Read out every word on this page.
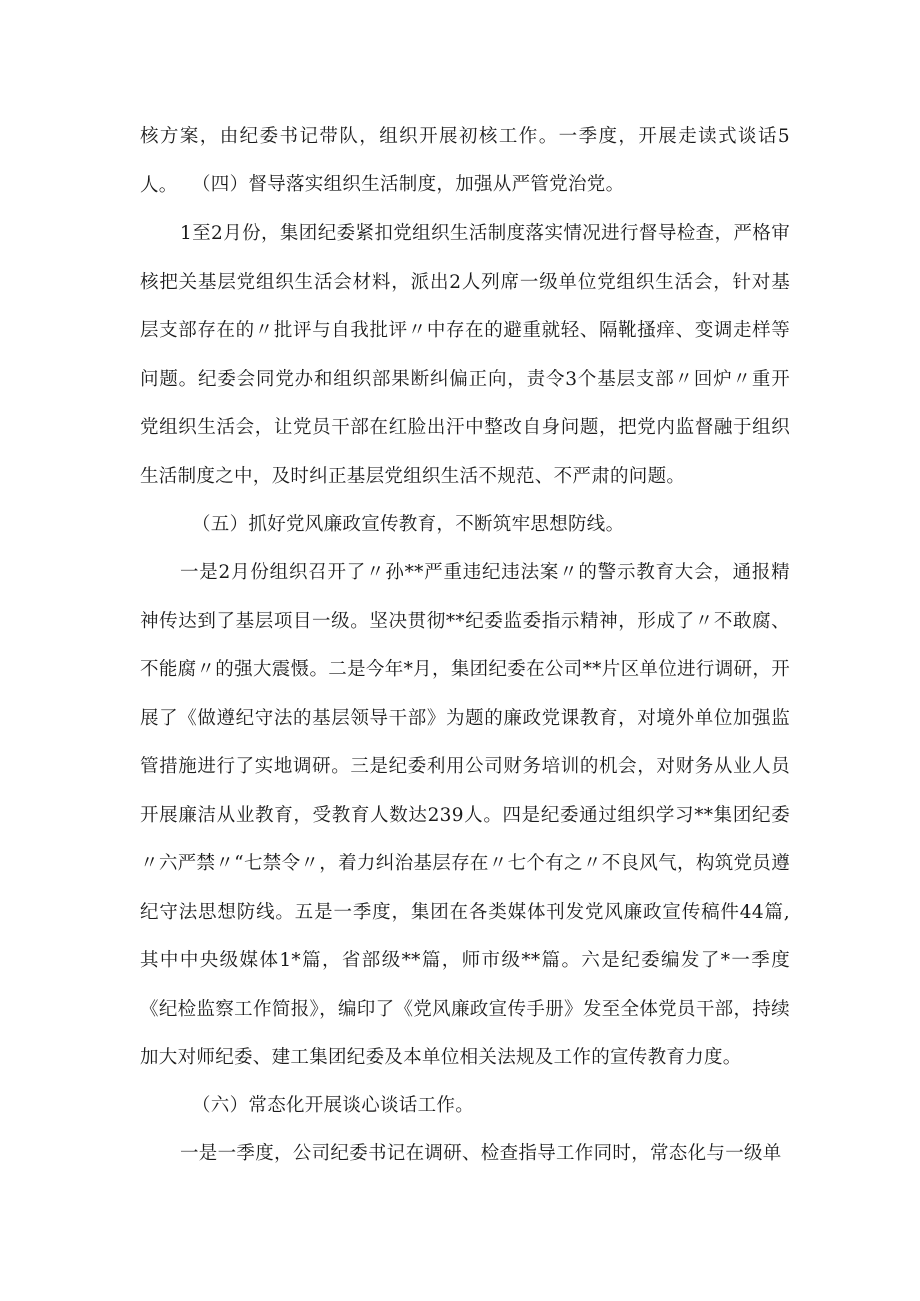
核方案，由纪委书记带队，组织开展初核工作。一季度，开展走读式谈话5人。 （四）督导落实组织生活制度，加强从严管党治党。

1至2月份，集团纪委紧扣党组织生活制度落实情况进行督导检查，严格审核把关基层党组织生活会材料，派出2人列席一级单位党组织生活会，针对基层支部存在的〃批评与自我批评〃中存在的避重就轻、隔靴搔痒、变调走样等问题。纪委会同党办和组织部果断纠偏正向，责令3个基层支部〃回炉〃重开党组织生活会，让党员干部在红脸出汗中整改自身问题，把党内监督融于组织生活制度之中，及时纠正基层党组织生活不规范、不严肃的问题。

（五）抓好党风廉政宣传教育，不断筑牢思想防线。

一是2月份组织召开了〃孙**严重违纪违法案〃的警示教育大会，通报精神传达到了基层项目一级。坚决贯彻**纪委监委指示精神，形成了〃不敢腐、不能腐〃的强大震慑。二是今年*月，集团纪委在公司**片区单位进行调研，开展了《做遵纪守法的基层领导干部》为题的廉政党课教育，对境外单位加强监管措施进行了实地调研。三是纪委利用公司财务培训的机会，对财务从业人员开展廉洁从业教育，受教育人数达239人。四是纪委通过组织学习**集团纪委〃六严禁〃“七禁令〃，着力纠治基层存在〃七个有之〃不良风气，构筑党员遵纪守法思想防线。五是一季度，集团在各类媒体刊发党风廉政宣传稿件44篇,其中中央级媒体1*篇，省部级**篇，师市级**篇。六是纪委编发了*一季度《纪检监察工作简报》，编印了《党风廉政宣传手册》发至全体党员干部，持续加大对师纪委、建工集团纪委及本单位相关法规及工作的宣传教育力度。

（六）常态化开展谈心谈话工作。

一是一季度，公司纪委书记在调研、检查指导工作同时，常态化与一级单
